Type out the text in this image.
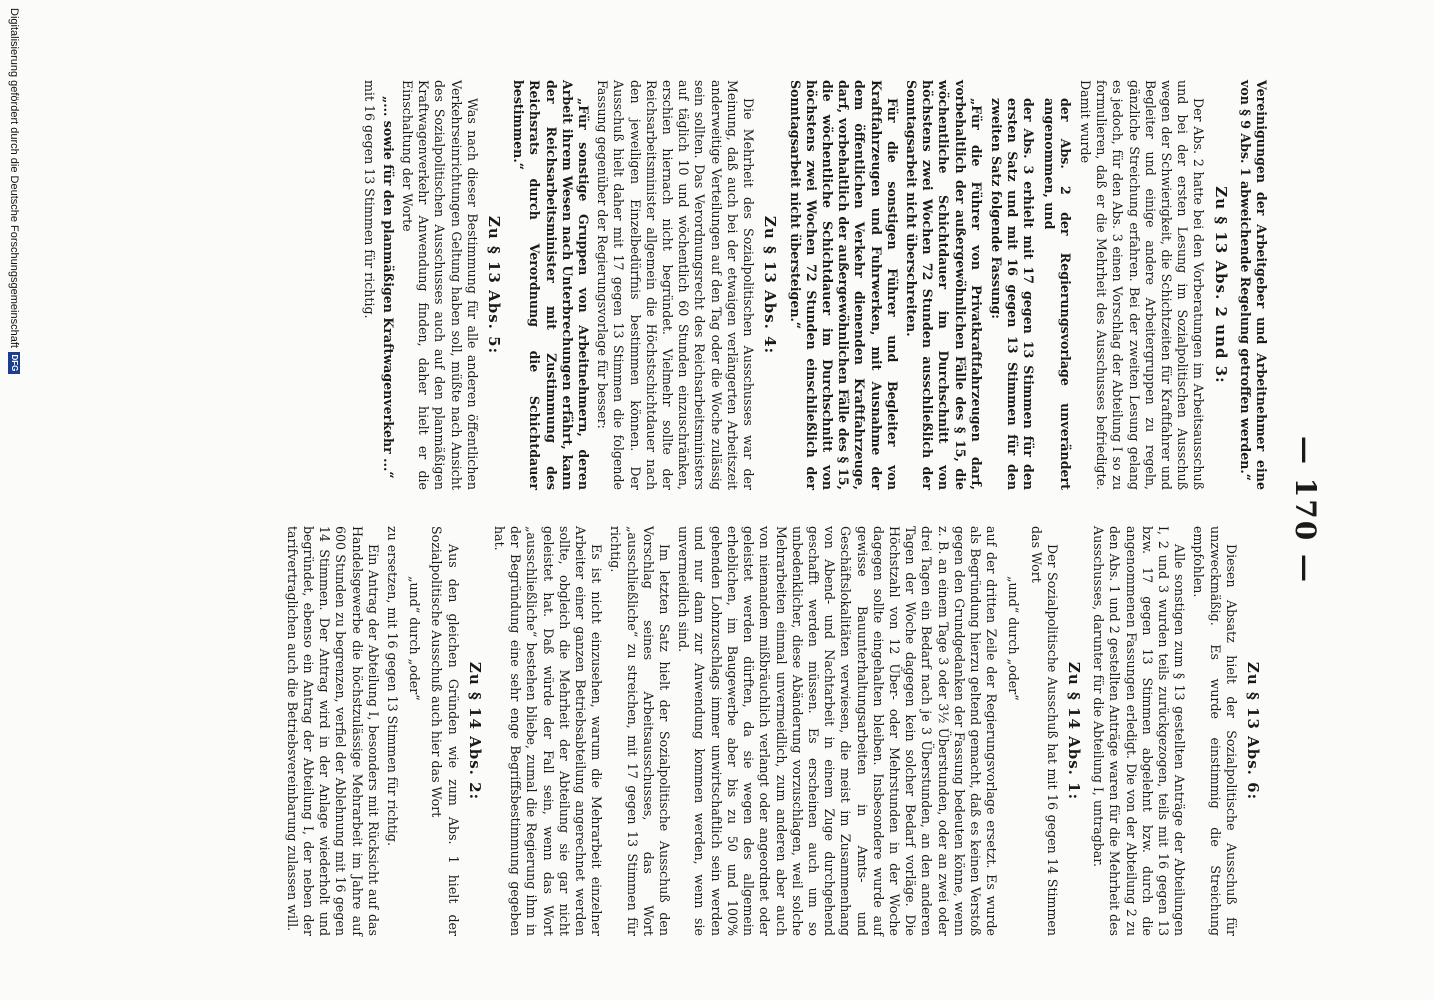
— 170 —

Vereinigungen der Arbeitgeber und Arbeitnehmer eine von § 9 Abs. 1 abweichende Regelung getroffen werden.“

Zu § 13 Abs. 2 und 3:

Der Abs. 2 hatte bei den Vorberatungen im Arbeitsausschuß und bei der ersten Lesung im Sozialpolitischen Ausschuß wegen der Schwierigkeit, die Schichtzeiten für Kraftfahrer und Begleiter und einige andere Arbeitergruppen zu regeln, gänzliche Streichung erfahren. Bei der zweiten Lesung gelang es jedoch, für den Abs. 3 einen Vorschlag der Abteilung I so zu formulieren, daß er die Mehrheit des Ausschusses befriedigte. Damit wurde

der Abs. 2 der Regierungsvorlage unverändert angenommen, und

der Abs. 3 erhielt mit 17 gegen 13 Stimmen für den ersten Satz und mit 16 gegen 13 Stimmen für den zweiten Satz folgende Fassung:

„Für die Führer von Privatkraftfahrzeugen darf, vorbehaltlich der außergewöhnlichen Fälle des § 15, die wöchentliche Schichtdauer im Durchschnitt von höchstens zwei Wochen 72 Stunden ausschließlich der Sonntagsarbeit nicht überschreiten.

Für die sonstigen Führer und Begleiter von Kraftfahrzeugen und Fuhrwerken, mit Ausnahme der dem öffentlichen Verkehr dienenden Kraftfahrzeuge, darf, vorbehaltlich der außergewöhnlichen Fälle des § 15, die wöchentliche Schichtdauer im Durchschnitt von höchstens zwei Wochen 72 Stunden einschließlich der Sonntagsarbeit nicht übersteigen.“

Zu § 13 Abs. 4:

Die Mehrheit des Sozialpolitischen Ausschusses war der Meinung, daß auch bei der etwaigen verlängerten Arbeitszeit anderweitige Verteilungen auf den Tag oder die Woche zulässig sein sollten. Das Verordnungsrecht des Reichsarbeitsministers auf täglich 10 und wöchentlich 60 Stunden einzuschränken, erschien hiernach nicht begründet. Vielmehr sollte der Reichsarbeitsminister allgemein die Höchstschichtdauer nach den jeweiligen Einzelbedürfnis bestimmen können. Der Ausschuß hielt daher mit 17 gegen 13 Stimmen die folgende Fassung gegenüber der Regierungsvorlage für besser:

„Für sonstige Gruppen von Arbeitnehmern, deren Arbeit ihrem Wesen nach Unterbrechungen erfährt, kann der Reichsarbeitsminister mit Zustimmung des Reichsrats durch Verordnung die Schichtdauer bestimmen.“

Zu § 13 Abs. 5:

Was nach dieser Bestimmung für alle anderen öffentlichen Verkehrseinrichtungen Geltung haben soll, müßte nach Ansicht des Sozialpolitischen Ausschusses auch auf den planmäßigen Kraftwagenverkehr Anwendung finden, daher hielt er die Einschaltung der Worte

„... sowie für den planmäßigen Kraftwagenverkehr ...“

mit 16 gegen 13 Stimmen für richtig.

Zu § 13 Abs. 6:

Diesen Absatz hielt der Sozialpolitische Ausschuß für unzweckmäßig. Es wurde einstimmig die Streichung empfohlen.

Alle sonstigen zum § 13 gestellten Anträge der Abteilungen I, 2 und 3 wurden teils zurückgezogen, teils mit 16 gegen 13 bzw. 17 gegen 13 Stimmen abgelehnt bzw. durch die angenommenen Fassungen erledigt. Die von der Abteilung 2 zu den Abs. 1 und 2 gestellten Anträge waren für die Mehrheit des Ausschusses, darunter für die Abteilung I, untragbar.

Zu § 14 Abs. 1:

Der Sozialpolitische Ausschuß hat mit 16 gegen 14 Stimmen das Wort

„und“ durch „oder“

auf der dritten Zeile der Regierungsvorlage ersetzt. Es wurde als Begründung hierzu geltend gemacht, daß es keinen Verstoß gegen den Grundgedanken der Fassung bedeuten könne, wenn z. B. an einem Tage 3 oder 3½ Überstunden, oder an zwei oder drei Tagen ein Bedarf nach je 3 Überstunden, an den anderen Tagen der Woche dagegen kein solcher Bedarf vorläge. Die Höchstzahl von 12 Über- oder Mehrstunden in der Woche dagegen sollte eingehalten bleiben. Insbesondere wurde auf gewisse Bauunterhaltungsarbeiten in Amts- und Geschäftslokalitäten verwiesen, die meist im Zusammenhang von Abend- und Nachtarbeit in einem Zuge durchgehend geschafft werden müssen. Es erscheinen auch um so unbedenklicher, diese Abänderung vorzuschlagen, weil solche Mehrarbeiten einmal unvermeidlich, zum anderen aber auch von niemandem mißbräuchlich verlangt oder angeordnet oder geleistet werden dürften, da sie wegen des allgemein erheblichen, im Baugewerbe aber bis zu 50 und 100% gehenden Lohnzuschlags immer unwirtschaftlich sein werden und nur dann zur Anwendung kommen werden, wenn sie unvermeidlich sind.

Im letzten Satz hielt der Sozialpolitische Ausschuß den Vorschlag seines Arbeitsausschusses, das Wort „ausschließliche“ zu streichen, mit 17 gegen 13 Stimmen für richtig.

Es ist nicht einzusehen, warum die Mehrarbeit einzelner Arbeiter einer ganzen Betriebsabteilung angerechnet werden sollte, obgleich die Mehrheit der Abteilung sie gar nicht geleistet hat. Daß würde der Fall sein, wenn das Wort „ausschließliche“ bestehen bliebe, zumal die Regierung ihm in der Begründung eine sehr enge Begriffsbestimmung gegeben hat.

Zu § 14 Abs. 2:

Aus den gleichen Gründen wie zum Abs. 1 hielt der Sozialpolitische Ausschuß auch hier das Wort

„und“ durch „oder“

zu ersetzen, mit 16 gegen 13 Stimmen für richtig.

Ein Antrag der Abteilung I, besonders mit Rücksicht auf das Handelsgewerbe die höchstzulässige Mehrarbeit im Jahre auf 600 Stunden zu begrenzen, verfiel der Ablehnung mit 16 gegen 14 Stimmen. Der Antrag wird in der Anlage wiederholt und begründet, ebenso ein Antrag der Abteilung I, der neben der tarifvertraglichen auch die Betriebsvereinbarung zulassen will.

Digitalisierung gefördert durch die Deutsche Forschungsgemeinschaft
DFG
